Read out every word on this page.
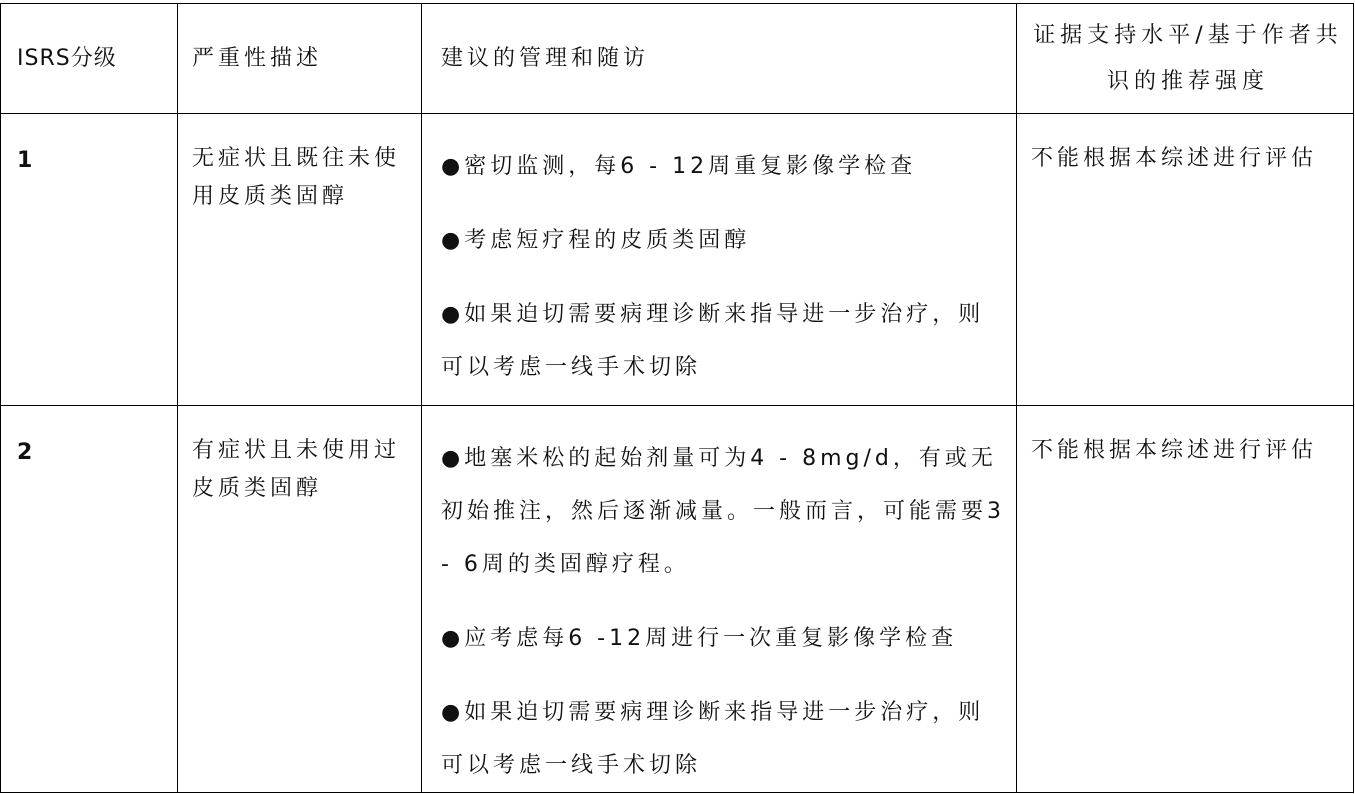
ISRS分级	严重性描述	建议的管理和随访	证据支持水平/基于作者共识的推荐强度
1	无症状且既往未使用皮质类固醇	●密切监测，每6 - 12周重复影像学检查

●考虑短疗程的皮质类固醇

●如果迫切需要病理诊断来指导进一步治疗，则可以考虑一线手术切除	不能根据本综述进行评估
2	有症状且未使用过皮质类固醇	●地塞米松的起始剂量可为4 - 8mg/d，有或无初始推注，然后逐渐减量。一般而言，可能需要3 - 6周的类固醇疗程。

●应考虑每6 -12周进行一次重复影像学检查

●如果迫切需要病理诊断来指导进一步治疗，则可以考虑一线手术切除	不能根据本综述进行评估
